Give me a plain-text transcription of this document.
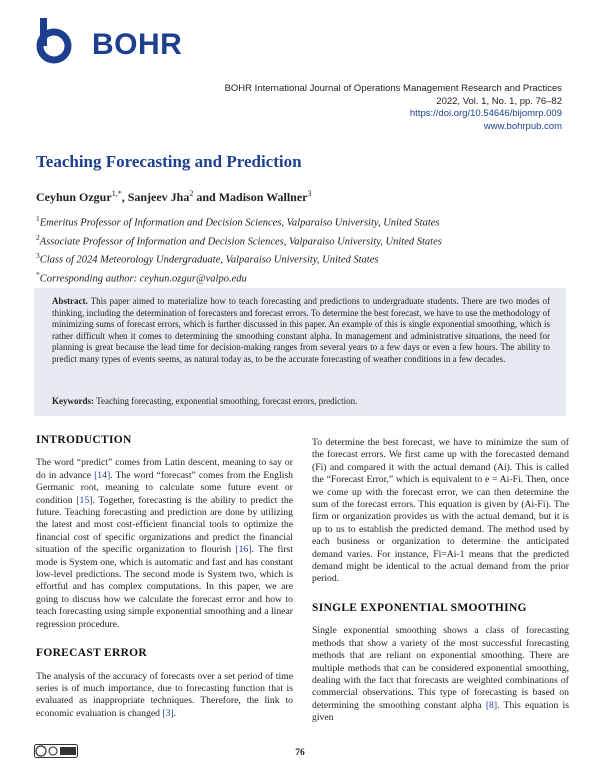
BOHR
BOHR International Journal of Operations Management Research and Practices
2022, Vol. 1, No. 1, pp. 76–82
https://doi.org/10.54646/bijomrp.009
www.bohrpub.com
Teaching Forecasting and Prediction
Ceyhun Ozgur$^{1,*}$, Sanjeev Jha$^2$ and Madison Wallner$^3$
$^1$Emeritus Professor of Information and Decision Sciences, Valparaiso University, United States
$^2$Associate Professor of Information and Decision Sciences, Valparaiso University, United States
$^3$Class of 2024 Meteorology Undergraduate, Valparaiso University, United States
*Corresponding author: ceyhun.ozgur@valpo.edu
Abstract. This paper aimed to materialize how to teach forecasting and predictions to undergraduate students. There are two modes of thinking, including the determination of forecasters and forecast errors. To determine the best forecast, we have to use the methodology of minimizing sums of forecast errors, which is further discussed in this paper. An example of this is single exponential smoothing, which is rather difficult when it comes to determining the smoothing constant alpha. In management and administrative situations, the need for planning is great because the lead time for decision-making ranges from several years to a few days or even a few hours. The ability to predict many types of events seems, as natural today as, to be the accurate forecasting of weather conditions in a few decades.
Keywords: Teaching forecasting, exponential smoothing, forecast errors, prediction.
INTRODUCTION

The word “predict” comes from Latin descent, meaning to say or do in advance [14]. The word “forecast” comes from the English Germanic root, meaning to calculate some future event or condition [15]. Together, forecasting is the ability to predict the future. Teaching forecasting and prediction are done by utilizing the latest and most cost-efficient financial tools to optimize the financial cost of specific organizations and predict the financial situation of the specific organization to flourish [16]. The first mode is System one, which is automatic and fast and has constant low-level predictions. The second mode is System two, which is effortful and has complex computations. In this paper, we are going to discuss how we calculate the forecast error and how to teach forecasting using simple exponential smoothing and a linear regression procedure.

FORECAST ERROR

The analysis of the accuracy of forecasts over a set period of time series is of much importance, due to forecasting function that is evaluated as inappropriate techniques. Therefore, the link to economic evaluation is changed [3].

To determine the best forecast, we have to minimize the sum of the forecast errors. We first came up with the forecasted demand (Fi) and compared it with the actual demand (Ai). This is called the “Forecast Error,” which is equivalent to e = Ai-Fi. Then, once we come up with the forecast error, we can then determine the sum of the forecast errors. This equation is given by (Ai-Fi). The firm or organization provides us with the actual demand, but it is up to us to establish the predicted demand. The method used by each business or organization to determine the anticipated demand varies. For instance, Fi=Ai-1 means that the predicted demand might be identical to the actual demand from the prior period.

SINGLE EXPONENTIAL SMOOTHING

Single exponential smoothing shows a class of forecasting methods that show a variety of the most successful forecasting methods that are reliant on exponential smoothing. There are multiple methods that can be considered exponential smoothing, dealing with the fact that forecasts are weighted combinations of commercial observations. This type of forecasting is based on determining the smoothing constant alpha [8]. This equation is given

76
